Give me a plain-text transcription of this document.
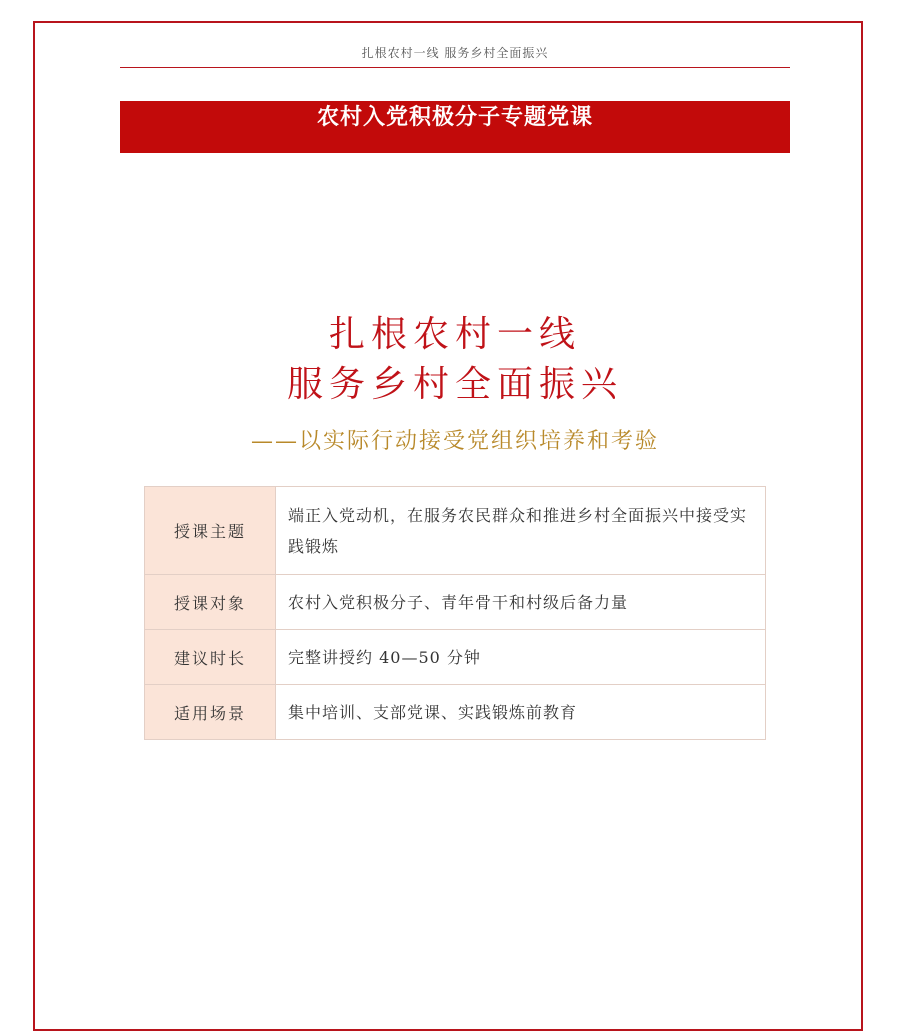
扎根农村一线 服务乡村全面振兴
农村入党积极分子专题党课
扎根农村一线
服务乡村全面振兴
——以实际行动接受党组织培养和考验
授课主题	端正入党动机，在服务农民群众和推进乡村全面振兴中接受实践锻炼
授课对象	农村入党积极分子、青年骨干和村级后备力量
建议时长	完整讲授约 40—50 分钟
适用场景	集中培训、支部党课、实践锻炼前教育
